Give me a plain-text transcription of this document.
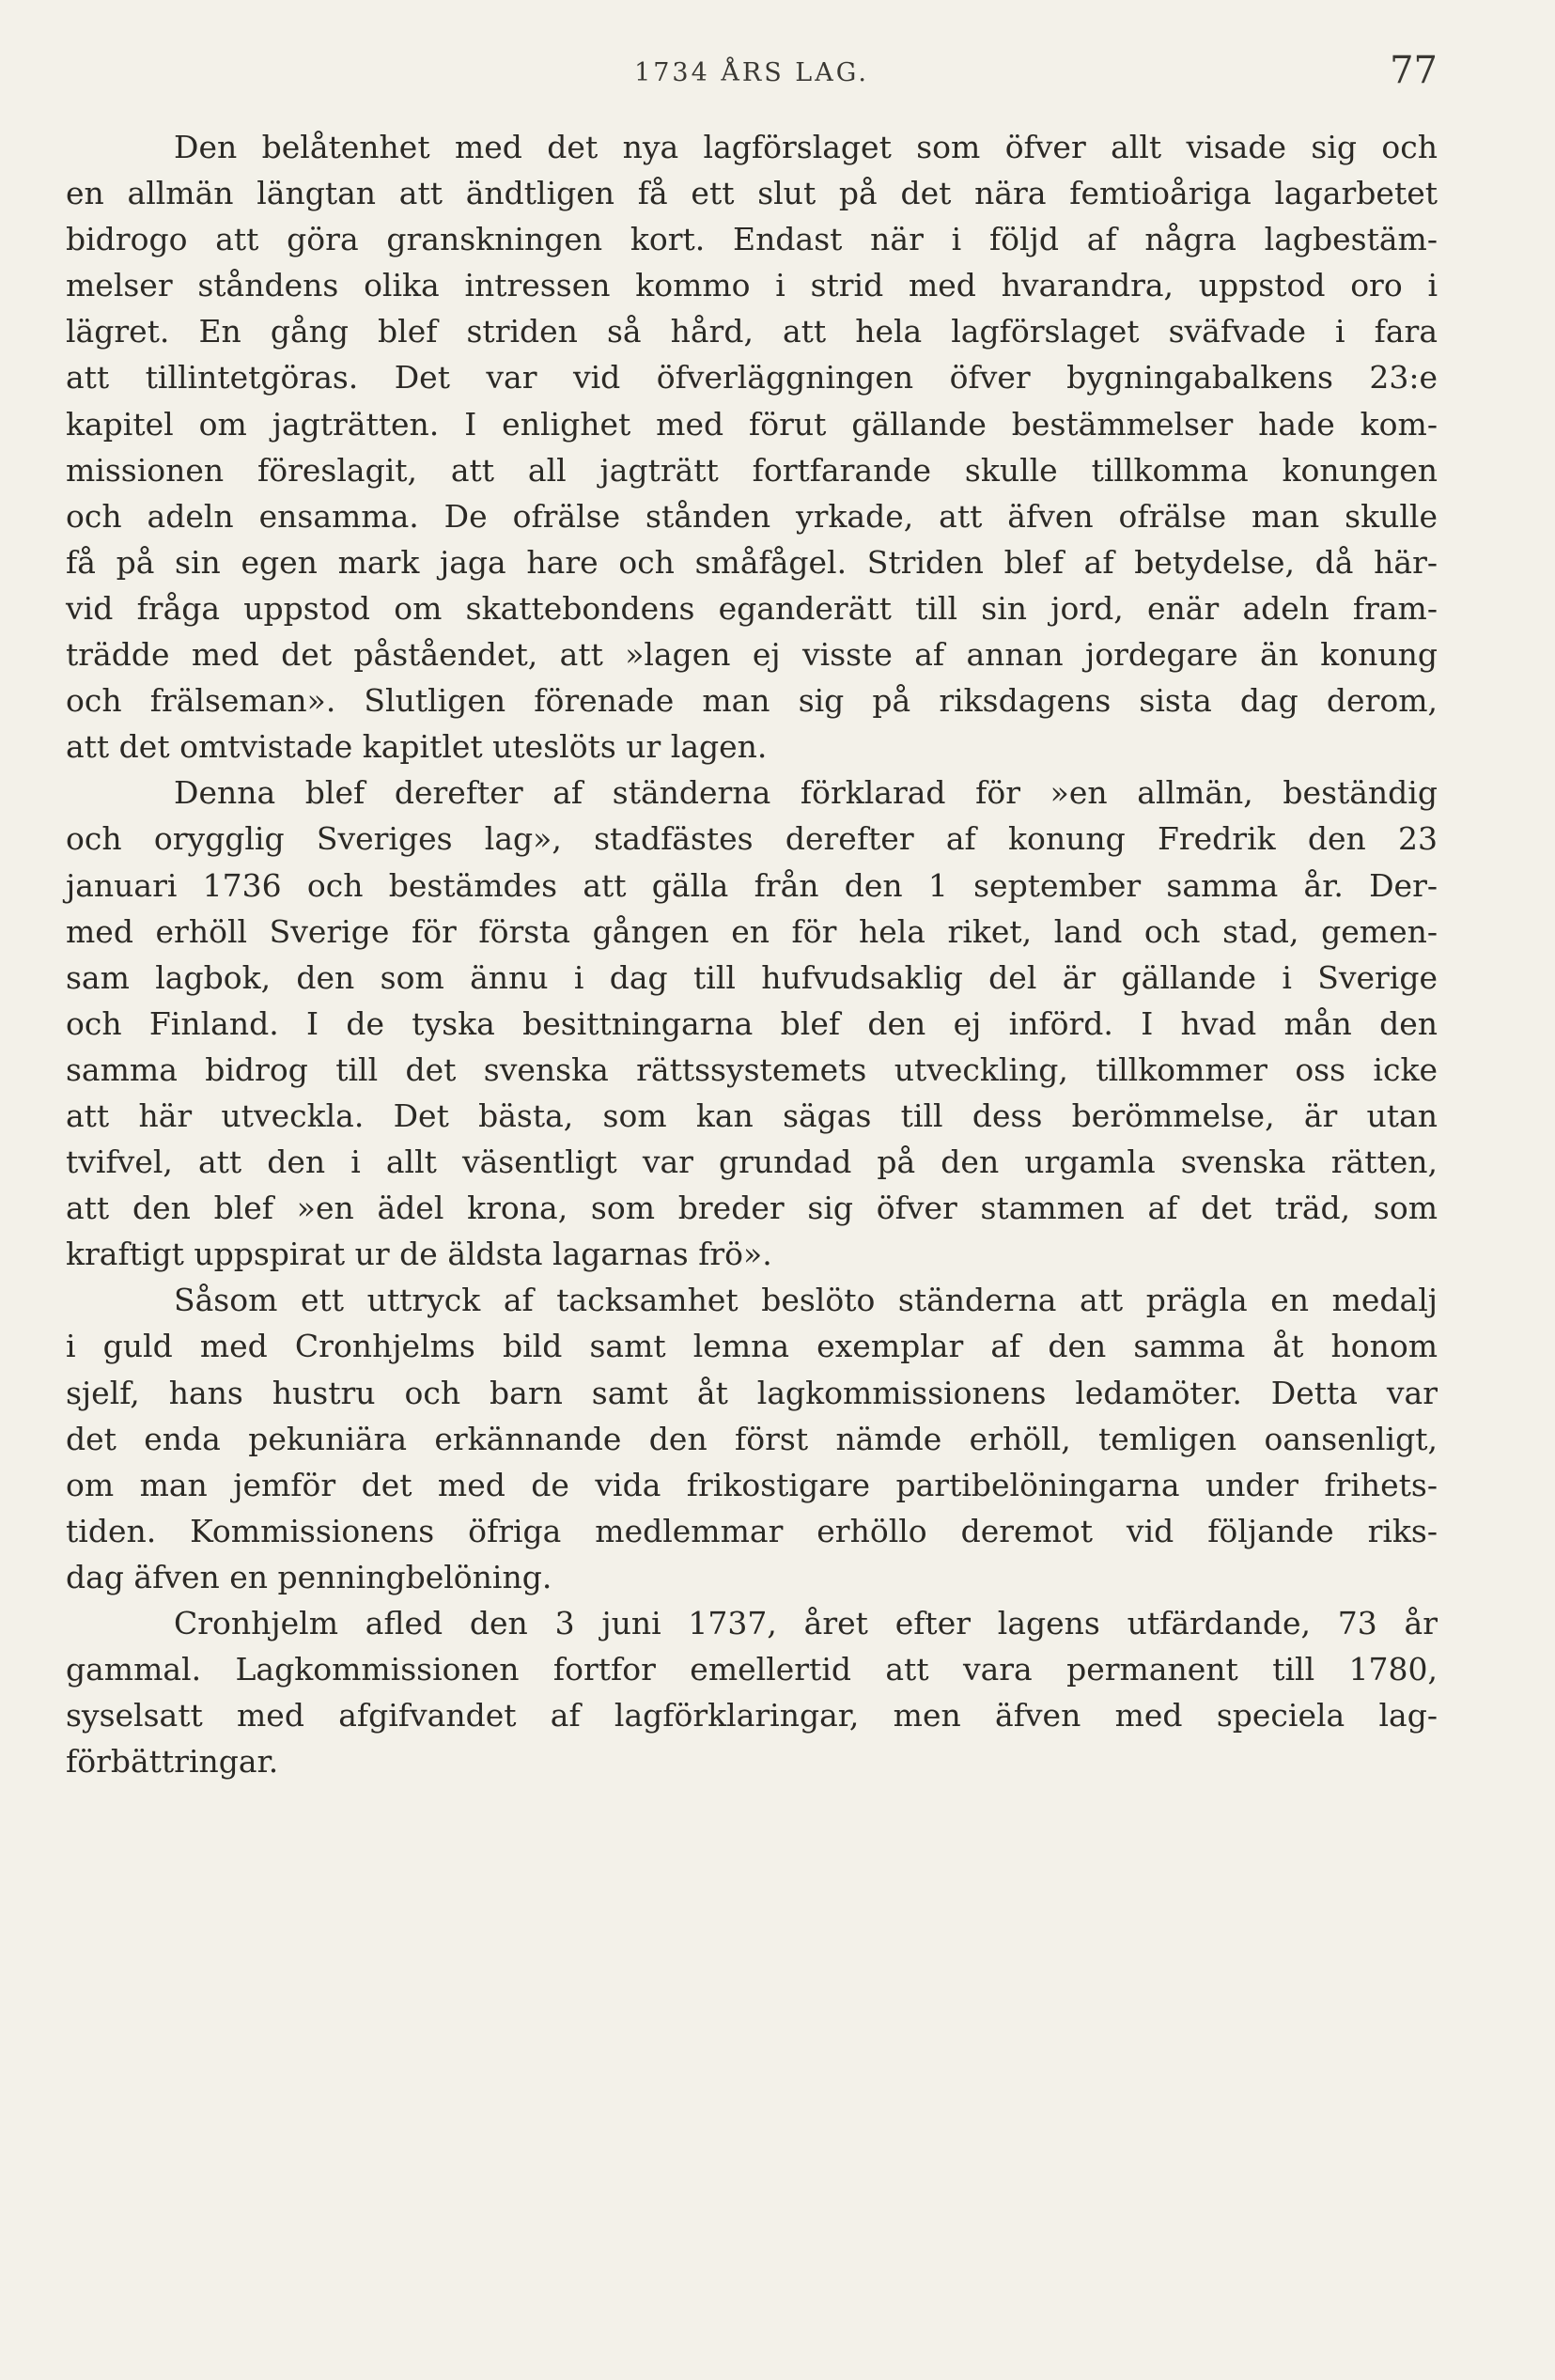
1734 ÅRS LAG.	77
Den belåtenhet med det nya lagförslaget som öfver allt visade sig och
en allmän längtan att ändtligen få ett slut på det nära femtioåriga lagarbetet
bidrogo att göra granskningen kort. Endast när i följd af några lagbestäm-
melser ståndens olika intressen kommo i strid med hvarandra, uppstod oro i
lägret. En gång blef striden så hård, att hela lagförslaget sväfvade i fara
att tillintetgöras. Det var vid öfverläggningen öfver bygningabalkens 23:e
kapitel om jagträtten. I enlighet med förut gällande bestämmelser hade kom-
missionen föreslagit, att all jagträtt fortfarande skulle tillkomma konungen
och adeln ensamma. De ofrälse stånden yrkade, att äfven ofrälse man skulle
få på sin egen mark jaga hare och småfågel. Striden blef af betydelse, då här-
vid fråga uppstod om skattebondens eganderätt till sin jord, enär adeln fram-
trädde med det påståendet, att »lagen ej visste af annan jordegare än konung
och frälseman». Slutligen förenade man sig på riksdagens sista dag derom,
att det omtvistade kapitlet uteslöts ur lagen.
Denna blef derefter af ständerna förklarad för »en allmän, beständig
och orygglig Sveriges lag», stadfästes derefter af konung Fredrik den 23
januari 1736 och bestämdes att gälla från den 1 september samma år. Der-
med erhöll Sverige för första gången en för hela riket, land och stad, gemen-
sam lagbok, den som ännu i dag till hufvudsaklig del är gällande i Sverige
och Finland. I de tyska besittningarna blef den ej införd. I hvad mån den
samma bidrog till det svenska rättssystemets utveckling, tillkommer oss icke
att här utveckla. Det bästa, som kan sägas till dess berömmelse, är utan
tvifvel, att den i allt väsentligt var grundad på den urgamla svenska rätten,
att den blef »en ädel krona, som breder sig öfver stammen af det träd, som
kraftigt uppspirat ur de äldsta lagarnas frö».
Såsom ett uttryck af tacksamhet beslöto ständerna att prägla en medalj
i guld med Cronhjelms bild samt lemna exemplar af den samma åt honom
sjelf, hans hustru och barn samt åt lagkommissionens ledamöter. Detta var
det enda pekuniära erkännande den först nämde erhöll, temligen oansenligt,
om man jemför det med de vida frikostigare partibelöningarna under frihets-
tiden. Kommissionens öfriga medlemmar erhöllo deremot vid följande riks-
dag äfven en penningbelöning.
Cronhjelm afled den 3 juni 1737, året efter lagens utfärdande, 73 år
gammal. Lagkommissionen fortfor emellertid att vara permanent till 1780,
syselsatt med afgifvandet af lagförklaringar, men äfven med speciela lag-
förbättringar.
